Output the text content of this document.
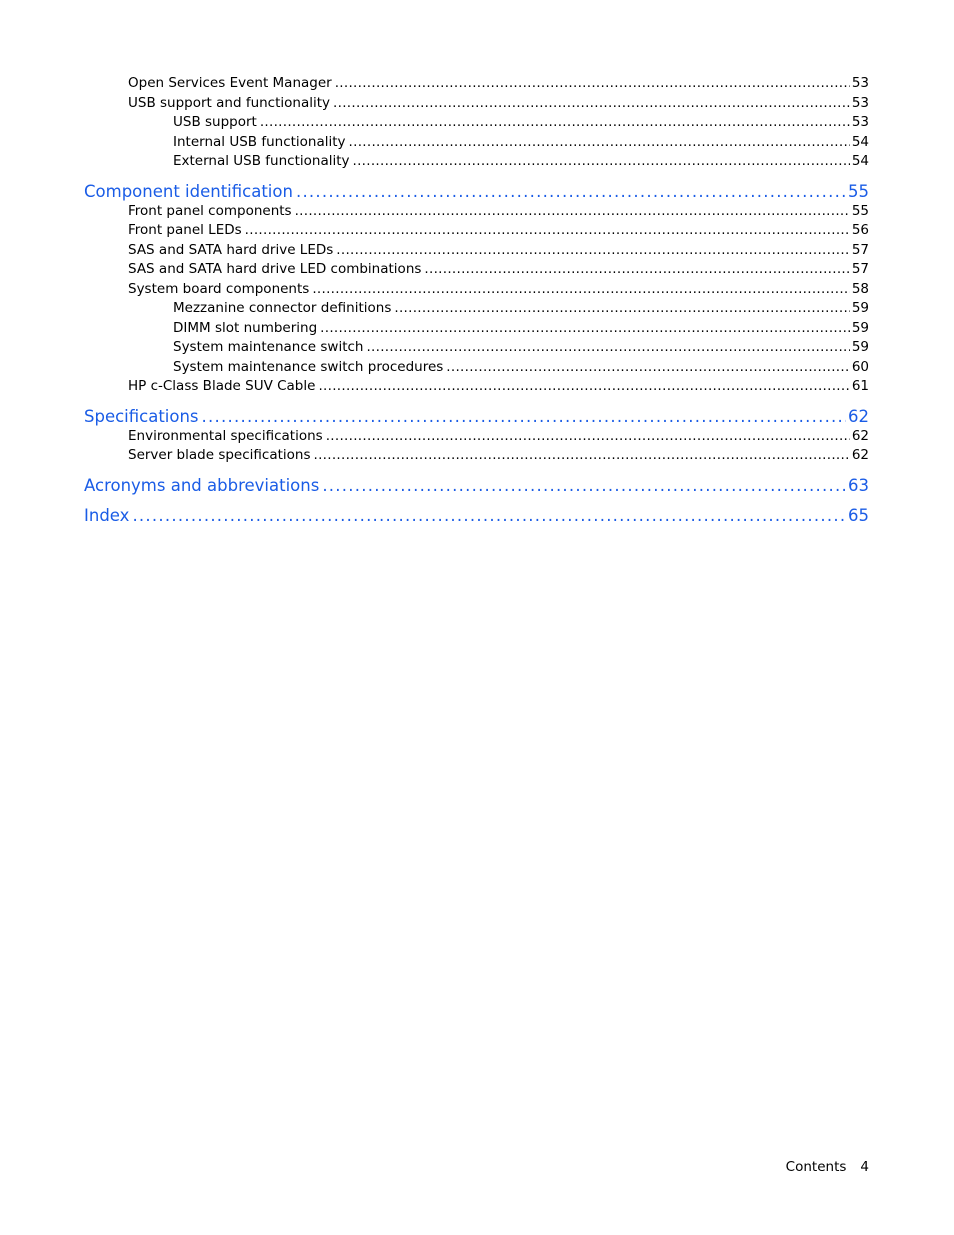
Open Services Event Manager . . .	53
USB support and functionality . . .	53
USB support . . .	53
Internal USB functionality . . .	54
External USB functionality . . .	54
Component identification . . .	55
Front panel components . . .	55
Front panel LEDs . . .	56
SAS and SATA hard drive LEDs . . .	57
SAS and SATA hard drive LED combinations . . .	57
System board components . . .	58
Mezzanine connector definitions . . .	59
DIMM slot numbering . . .	59
System maintenance switch . . .	59
System maintenance switch procedures . . .	60
HP c-Class Blade SUV Cable . . .	61
Specifications . . .	62
Environmental specifications . . .	62
Server blade specifications . . .	62
Acronyms and abbreviations . . .	63
Index . . .	65
Contents 4
